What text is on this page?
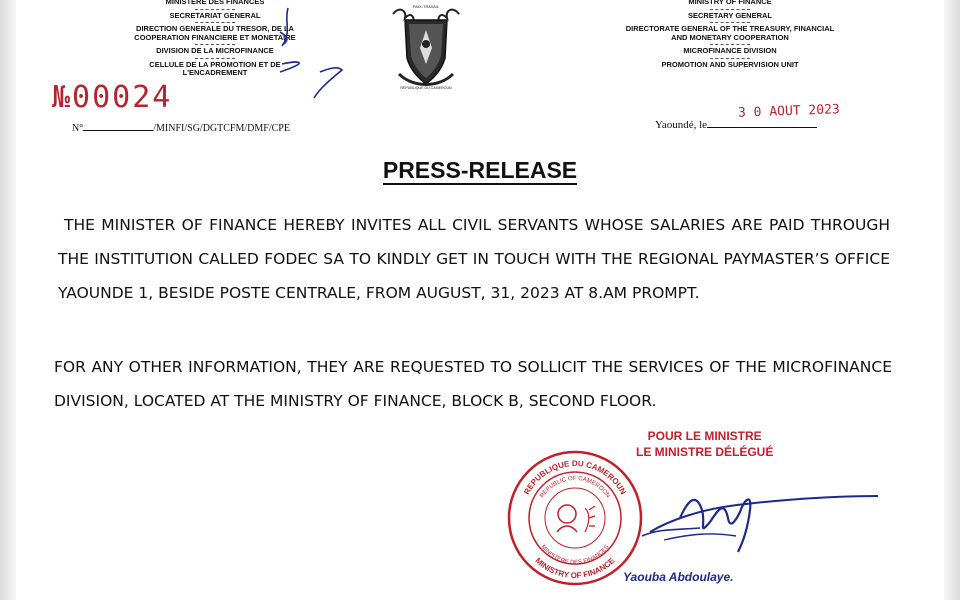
MINISTERE DES FINANCES
SECRETARIAT GENERAL
DIRECTION GENERALE DU TRESOR, DE LA COOPERATION FINANCIERE ET MONETAIRE
DIVISION DE LA MICROFINANCE
CELLULE DE LA PROMOTION ET DE L'ENCADREMENT
PAIX-TRAVAIL
REPUBLIQUE DU CAMEROUN
MINISTRY OF FINANCE
SECRETARY GENERAL
DIRECTORATE GENERAL OF THE TREASURY, FINANCIAL AND MONETARY COOPERATION
MICROFINANCE DIVISION
PROMOTION AND SUPERVISION UNIT
№00024
N°	/MINFI/SG/DGTCFM/DMF/CPE
3 0 AOUT 2023
Yaoundé, le
PRESS-RELEASE
THE MINISTER OF FINANCE HEREBY INVITES ALL CIVIL SERVANTS WHOSE SALARIES ARE PAID THROUGH THE INSTITUTION CALLED FODEC SA TO KINDLY GET IN TOUCH WITH THE REGIONAL PAYMASTER’S OFFICE YAOUNDE 1, BESIDE POSTE CENTRALE, FROM AUGUST, 31, 2023 AT 8.AM PROMPT.
FOR ANY OTHER INFORMATION, THEY ARE REQUESTED TO SOLLICIT THE SERVICES OF THE MICROFINANCE DIVISION, LOCATED AT THE MINISTRY OF FINANCE, BLOCK B, SECOND FLOOR.
POUR LE MINISTRE
LE MINISTRE DÉLÉGUÉ
REPUBLIQUE DU CAMEROUN
MINISTRY OF FINANCE
REPUBLIC OF CAMEROON
MINISTERE DES FINANCES
Yaouba Abdoulaye.
